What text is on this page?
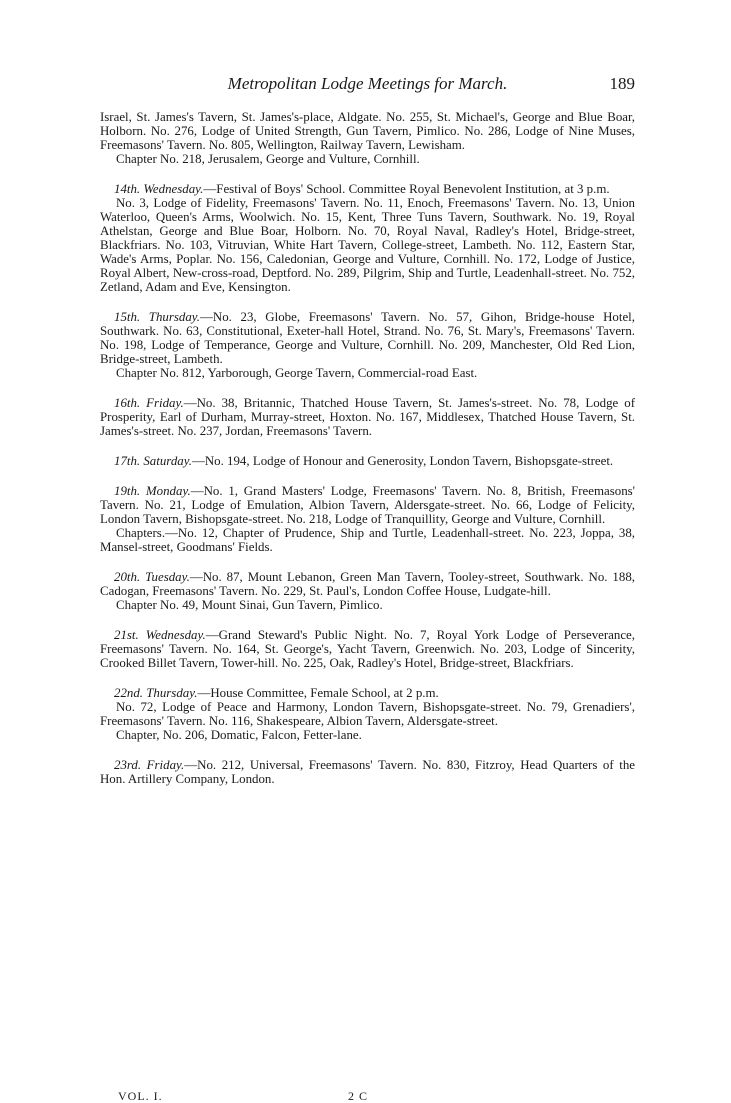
Metropolitan Lodge Meetings for March.	189

Israel, St. James's Tavern, St. James's-place, Aldgate. No. 255, St. Michael's, George and Blue Boar, Holborn. No. 276, Lodge of United Strength, Gun Tavern, Pimlico. No. 286, Lodge of Nine Muses, Freemasons' Tavern. No. 805, Wellington, Railway Tavern, Lewisham.

Chapter No. 218, Jerusalem, George and Vulture, Cornhill.

14th. Wednesday.—Festival of Boys' School. Committee Royal Benevolent Institution, at 3 p.m.

No. 3, Lodge of Fidelity, Freemasons' Tavern. No. 11, Enoch, Freemasons' Tavern. No. 13, Union Waterloo, Queen's Arms, Woolwich. No. 15, Kent, Three Tuns Tavern, Southwark. No. 19, Royal Athelstan, George and Blue Boar, Holborn. No. 70, Royal Naval, Radley's Hotel, Bridge-street, Blackfriars. No. 103, Vitruvian, White Hart Tavern, College-street, Lambeth. No. 112, Eastern Star, Wade's Arms, Poplar. No. 156, Caledonian, George and Vulture, Cornhill. No. 172, Lodge of Justice, Royal Albert, New-cross-road, Deptford. No. 289, Pilgrim, Ship and Turtle, Leadenhall-street. No. 752, Zetland, Adam and Eve, Kensington.

15th. Thursday.—No. 23, Globe, Freemasons' Tavern. No. 57, Gihon, Bridge-house Hotel, Southwark. No. 63, Constitutional, Exeter-hall Hotel, Strand. No. 76, St. Mary's, Freemasons' Tavern. No. 198, Lodge of Temperance, George and Vulture, Cornhill. No. 209, Manchester, Old Red Lion, Bridge-street, Lambeth.

Chapter No. 812, Yarborough, George Tavern, Commercial-road East.

16th. Friday.—No. 38, Britannic, Thatched House Tavern, St. James's-street. No. 78, Lodge of Prosperity, Earl of Durham, Murray-street, Hoxton. No. 167, Middlesex, Thatched House Tavern, St. James's-street. No. 237, Jordan, Freemasons' Tavern.

17th. Saturday.—No. 194, Lodge of Honour and Generosity, London Tavern, Bishopsgate-street.

19th. Monday.—No. 1, Grand Masters' Lodge, Freemasons' Tavern. No. 8, British, Freemasons' Tavern. No. 21, Lodge of Emulation, Albion Tavern, Aldersgate-street. No. 66, Lodge of Felicity, London Tavern, Bishopsgate-street. No. 218, Lodge of Tranquillity, George and Vulture, Cornhill.

Chapters.—No. 12, Chapter of Prudence, Ship and Turtle, Leadenhall-street. No. 223, Joppa, 38, Mansel-street, Goodmans' Fields.

20th. Tuesday.—No. 87, Mount Lebanon, Green Man Tavern, Tooley-street, Southwark. No. 188, Cadogan, Freemasons' Tavern. No. 229, St. Paul's, London Coffee House, Ludgate-hill.

Chapter No. 49, Mount Sinai, Gun Tavern, Pimlico.

21st. Wednesday.—Grand Steward's Public Night. No. 7, Royal York Lodge of Perseverance, Freemasons' Tavern. No. 164, St. George's, Yacht Tavern, Greenwich. No. 203, Lodge of Sincerity, Crooked Billet Tavern, Tower-hill. No. 225, Oak, Radley's Hotel, Bridge-street, Blackfriars.

22nd. Thursday.—House Committee, Female School, at 2 p.m.

No. 72, Lodge of Peace and Harmony, London Tavern, Bishopsgate-street. No. 79, Grenadiers', Freemasons' Tavern. No. 116, Shakespeare, Albion Tavern, Aldersgate-street.

Chapter, No. 206, Domatic, Falcon, Fetter-lane.

23rd. Friday.—No. 212, Universal, Freemasons' Tavern. No. 830, Fitzroy, Head Quarters of the Hon. Artillery Company, London.

VOL. I.	2 C
